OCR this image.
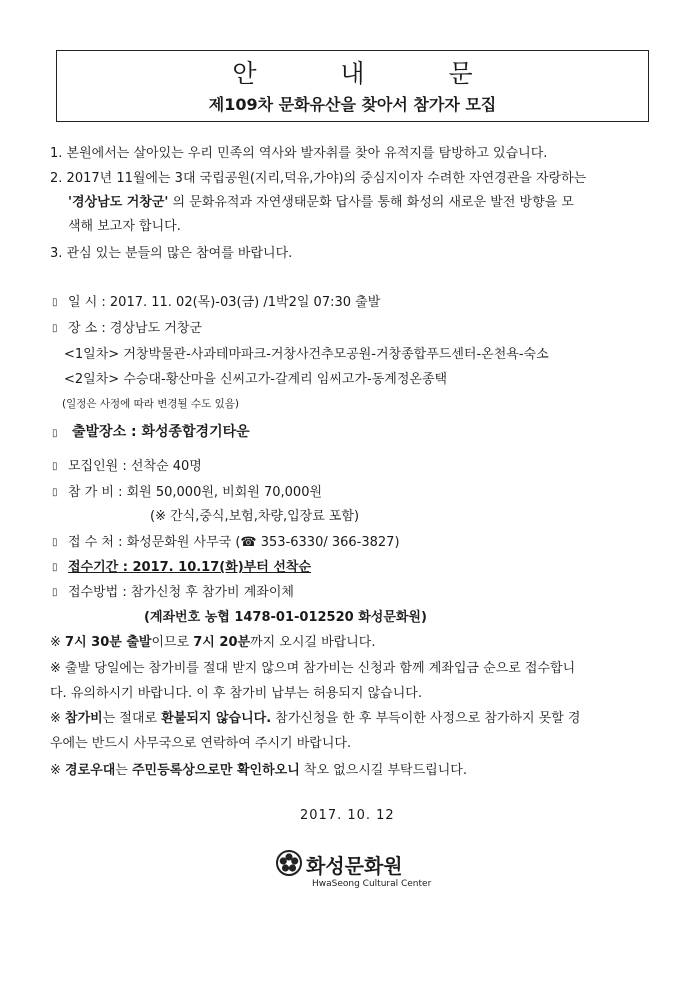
안 내 문
제109차 문화유산을 찾아서 참가자 모집
1. 본원에서는 살아있는 우리 민족의 역사와 발자취를 찾아 유적지를 탐방하고 있습니다.
2. 2017년 11월에는 3대 국립공원(지리,덕유,가야)의 중심지이자 수려한 자연경관을 자랑하는
'경상남도 거창군' 의 문화유적과 자연생태문화 답사를 통해 화성의 새로운 발전 방향을 모
색해 보고자 합니다.
3. 관심 있는 분들의 많은 참여를 바랍니다.
▯ 일 시 : 2017. 11. 02(목)-03(금) /1박2일 07:30 출발
▯ 장 소 : 경상남도 거창군
<1일차> 거창박물관-사과테마파크-거창사건추모공원-거창종합푸드센터-온천욕-숙소
<2일차> 수승대-황산마을 신씨고가-갈계리 임씨고가-동계정온종택
(일정은 사정에 따라 변경될 수도 있음)
▯ 출발장소 : 화성종합경기타운
▯ 모집인원 : 선착순 40명
▯ 참 가 비 : 회원 50,000원, 비회원 70,000원
(※ 간식,중식,보험,차량,입장료 포함)
▯ 접 수 처 : 화성문화원 사무국 (☎ 353-6330/ 366-3827)
▯ 접수기간 : 2017. 10.17(화)부터 선착순
▯ 접수방법 : 참가신청 후 참가비 계좌이체
(계좌번호 농협 1478-01-012520 화성문화원)
※ 7시 30분 출발이므로 7시 20분까지 오시길 바랍니다.
※ 출발 당일에는 참가비를 절대 받지 않으며 참가비는 신청과 함께 계좌입금 순으로 접수합니
다. 유의하시기 바랍니다. 이 후 참가비 납부는 허용되지 않습니다.
※ 참가비는 절대로 환불되지 않습니다. 참가신청을 한 후 부득이한 사정으로 참가하지 못할 경
우에는 반드시 사무국으로 연락하여 주시기 바랍니다.
※ 경로우대는 주민등록상으로만 확인하오니 착오 없으시길 부탁드립니다.
2017. 10. 12
화성문화원
HwaSeong Cultural Center
